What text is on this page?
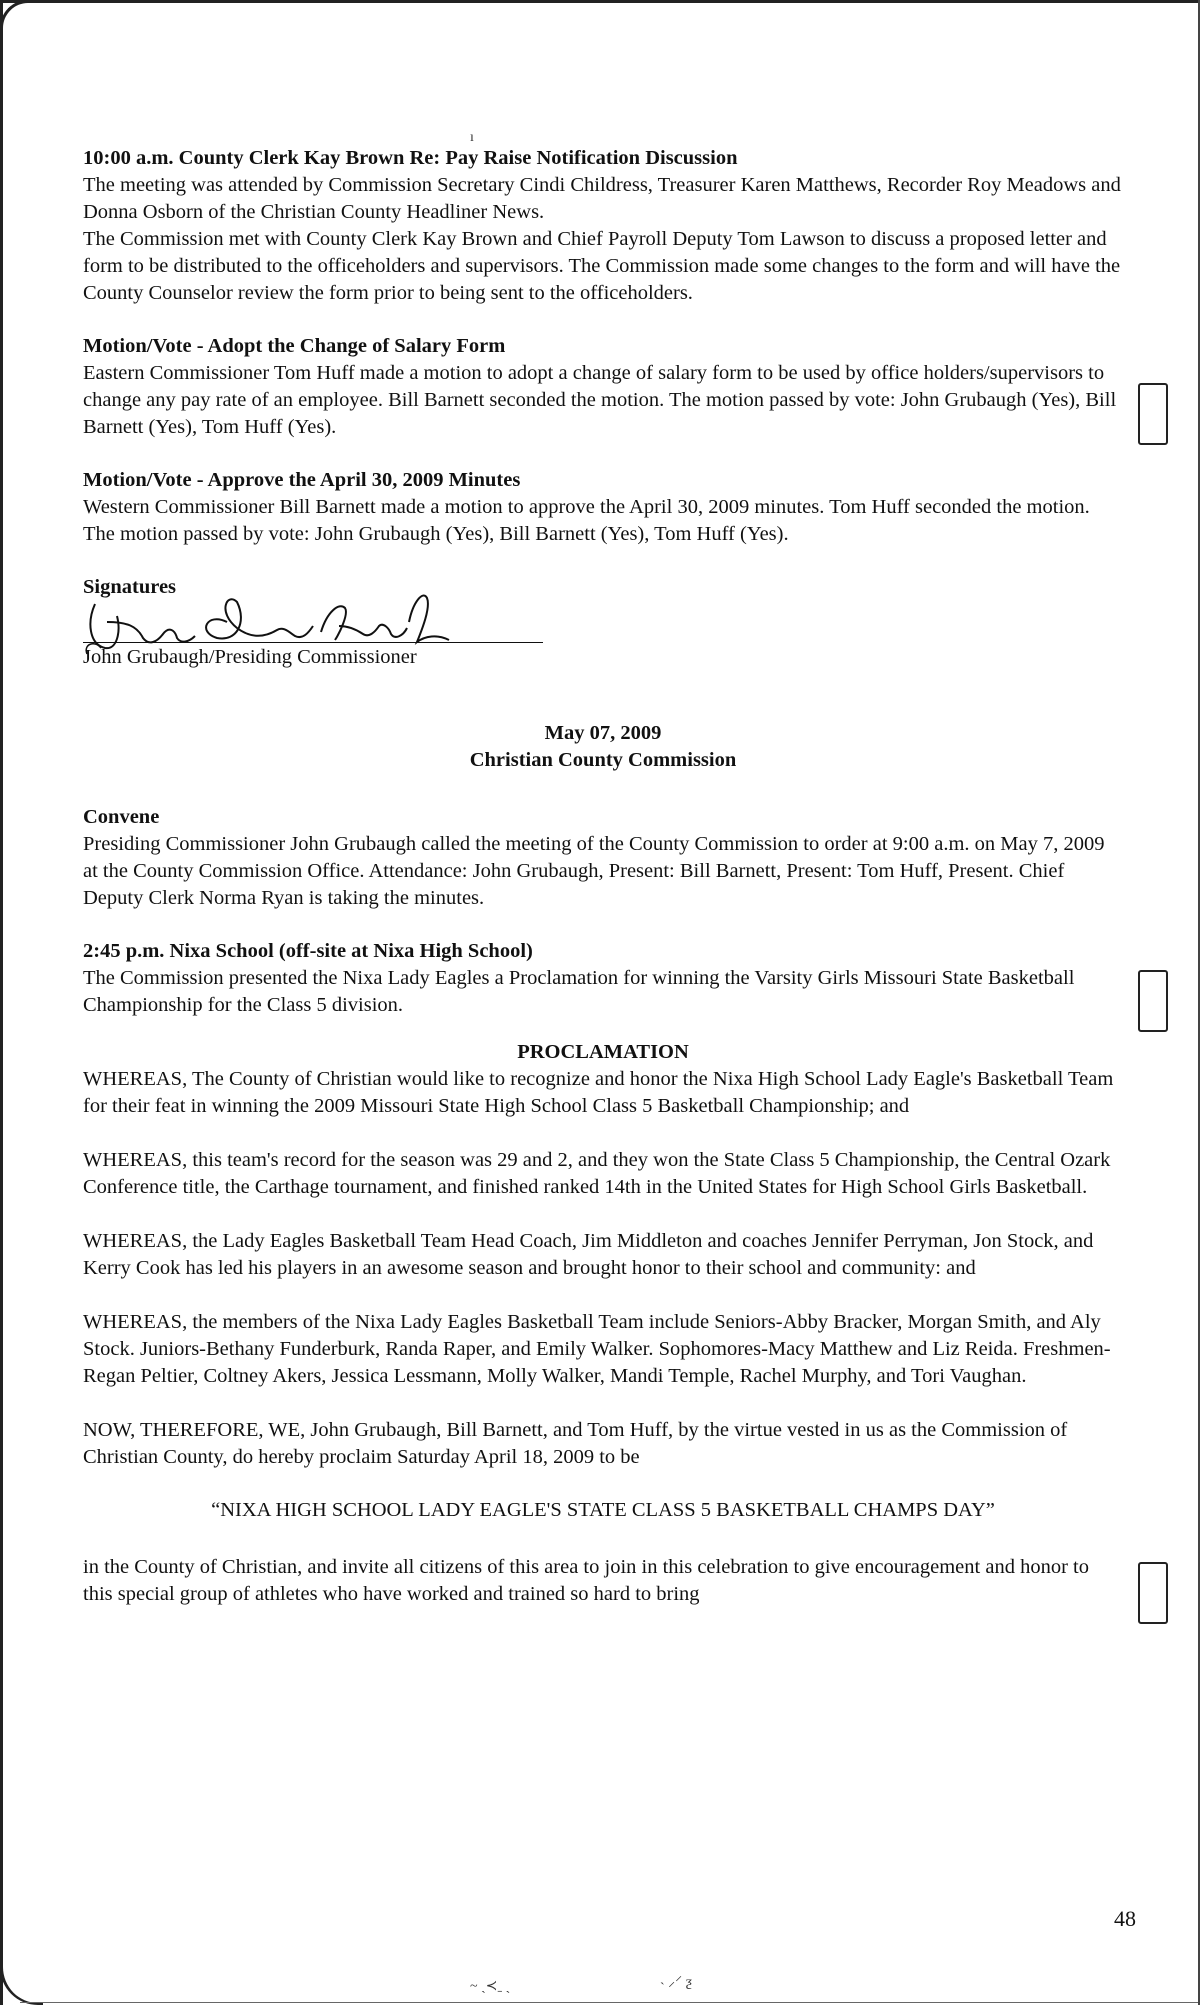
ı
10:00 a.m. County Clerk Kay Brown Re: Pay Raise Notification Discussion
The meeting was attended by Commission Secretary Cindi Childress, Treasurer Karen Matthews, Recorder Roy Meadows and Donna Osborn of the Christian County Headliner News.
The Commission met with County Clerk Kay Brown and Chief Payroll Deputy Tom Lawson to discuss a proposed letter and form to be distributed to the officeholders and supervisors. The Commission made some changes to the form and will have the County Counselor review the form prior to being sent to the officeholders.
Motion/Vote - Adopt the Change of Salary Form
Eastern Commissioner Tom Huff made a motion to adopt a change of salary form to be used by office holders/supervisors to change any pay rate of an employee. Bill Barnett seconded the motion. The motion passed by vote: John Grubaugh (Yes), Bill Barnett (Yes), Tom Huff (Yes).
Motion/Vote - Approve the April 30, 2009 Minutes
Western Commissioner Bill Barnett made a motion to approve the April 30, 2009 minutes. Tom Huff seconded the motion. The motion passed by vote: John Grubaugh (Yes), Bill Barnett (Yes), Tom Huff (Yes).
Signatures
John Grubaugh/Presiding Commissioner
May 07, 2009
Christian County Commission
Convene
Presiding Commissioner John Grubaugh called the meeting of the County Commission to order at 9:00 a.m. on May 7, 2009 at the County Commission Office. Attendance: John Grubaugh, Present: Bill Barnett, Present: Tom Huff, Present. Chief Deputy Clerk Norma Ryan is taking the minutes.
2:45 p.m. Nixa School (off-site at Nixa High School)
The Commission presented the Nixa Lady Eagles a Proclamation for winning the Varsity Girls Missouri State Basketball Championship for the Class 5 division.
PROCLAMATION
WHEREAS, The County of Christian would like to recognize and honor the Nixa High School Lady Eagle's Basketball Team for their feat in winning the 2009 Missouri State High School Class 5 Basketball Championship; and
WHEREAS, this team's record for the season was 29 and 2, and they won the State Class 5 Championship, the Central Ozark Conference title, the Carthage tournament, and finished ranked 14th in the United States for High School Girls Basketball.
WHEREAS, the Lady Eagles Basketball Team Head Coach, Jim Middleton and coaches Jennifer Perryman, Jon Stock, and Kerry Cook has led his players in an awesome season and brought honor to their school and community: and
WHEREAS, the members of the Nixa Lady Eagles Basketball Team include Seniors-Abby Bracker, Morgan Smith, and Aly Stock. Juniors-Bethany Funderburk, Randa Raper, and Emily Walker. Sophomores-Macy Matthew and Liz Reida. Freshmen-Regan Peltier, Coltney Akers, Jessica Lessmann, Molly Walker, Mandi Temple, Rachel Murphy, and Tori Vaughan.
NOW, THEREFORE, WE, John Grubaugh, Bill Barnett, and Tom Huff, by the virtue vested in us as the Commission of Christian County, do hereby proclaim Saturday April 18, 2009 to be
“NIXA HIGH SCHOOL LADY EAGLE'S STATE CLASS 5 BASKETBALL CHAMPS DAY”
in the County of Christian, and invite all citizens of this area to join in this celebration to give encouragement and honor to this special group of athletes who have worked and trained so hard to bring
48
~ ˎ≺ˍ ˎ	˴ ⸝⸍ ƺ
